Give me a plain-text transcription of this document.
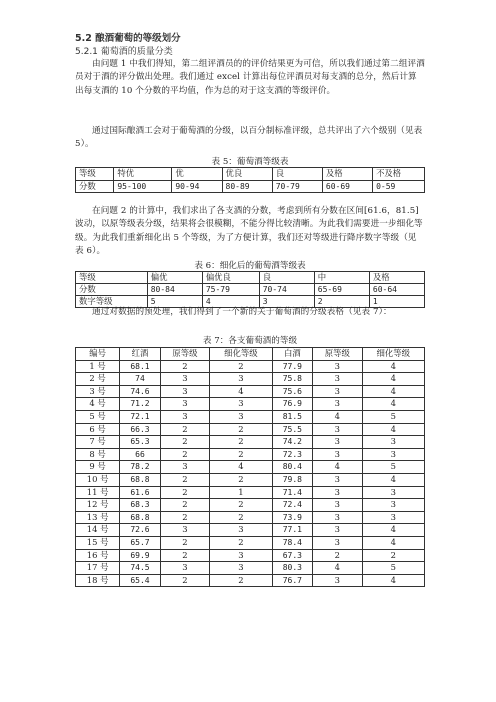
5.2 酿酒葡萄的等级划分
5.2.1 葡萄酒的质量分类

由问题 1 中我们得知，第二组评酒员的的评价结果更为可信，所以我们通过第二组评酒员对于酒的评分做出处理。我们通过 excel 计算出每位评酒员对每支酒的总分，然后计算出每支酒的 10 个分数的平均值，作为总的对于这支酒的等级评价。

通过国际酿酒工会对于葡萄酒的分级，以百分制标准评级，总共评出了六个级别（见表 5）。

表 5：葡萄酒等级表
等级	特优	优	优良	良	及格	不及格
分数	95-100	90-94	80-89	70-79	60-69	0-59

在问题 2 的计算中，我们求出了各支酒的分数，考虑到所有分数在区间[61.6，81.5]波动，以原等级表分级，结果将会很模糊，不能分得比较清晰。为此我们需要进一步细化等级。为此我们重新细化出 5 个等级，为了方便计算，我们还对等级进行降序数字等级（见表 6）。

表 6：细化后的葡萄酒等级表
等级	偏优	偏优良	良	中	及格
分数	80-84	75-79	70-74	65-69	60-64
数字等级	5	4	3	2	1

通过对数据的预处理，我们得到了一个新的关于葡萄酒的分级表格（见表 7）：

表 7：各支葡萄酒的等级
编号	红酒	原等级	细化等级	白酒	原等级	细化等级
1 号	68.1	2	2	77.9	3	4
2 号	74	3	3	75.8	3	4
3 号	74.6	3	4	75.6	3	4
4 号	71.2	3	3	76.9	3	4
5 号	72.1	3	3	81.5	4	5
6 号	66.3	2	2	75.5	3	4
7 号	65.3	2	2	74.2	3	3
8 号	66	2	2	72.3	3	3
9 号	78.2	3	4	80.4	4	5
10 号	68.8	2	2	79.8	3	4
11 号	61.6	2	1	71.4	3	3
12 号	68.3	2	2	72.4	3	3
13 号	68.8	2	2	73.9	3	3
14 号	72.6	3	3	77.1	3	4
15 号	65.7	2	2	78.4	3	4
16 号	69.9	2	3	67.3	2	2
17 号	74.5	3	3	80.3	4	5
18 号	65.4	2	2	76.7	3	4
